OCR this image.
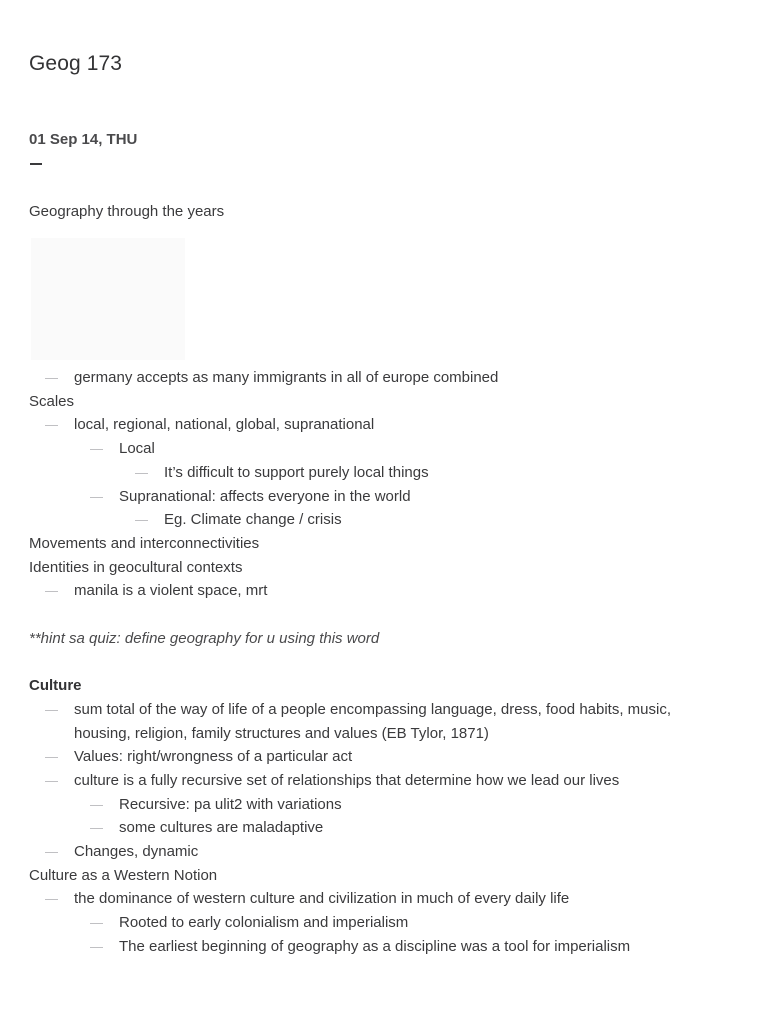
Geog 173
01 Sep 14, THU
Geography through the years
— germany accepts as many immigrants in all of europe combined
Scales
— local, regional, national, global, supranational
— Local
— It’s difficult to support purely local things
— Supranational: affects everyone in the world
— Eg. Climate change / crisis
Movements and interconnectivities
Identities in geocultural contexts
— manila is a violent space, mrt
**hint sa quiz: define geography for u using this word
Culture
— sum total of the way of life of a people encompassing language, dress, food habits, music,
housing, religion, family structures and values (EB Tylor, 1871)
— Values: right/wrongness of a particular act
— culture is a fully recursive set of relationships that determine how we lead our lives
— Recursive: pa ulit2 with variations
— some cultures are maladaptive
— Changes, dynamic
Culture as a Western Notion
— the dominance of western culture and civilization in much of every daily life
— Rooted to early colonialism and imperialism
— The earliest beginning of geography as a discipline was a tool for imperialism
